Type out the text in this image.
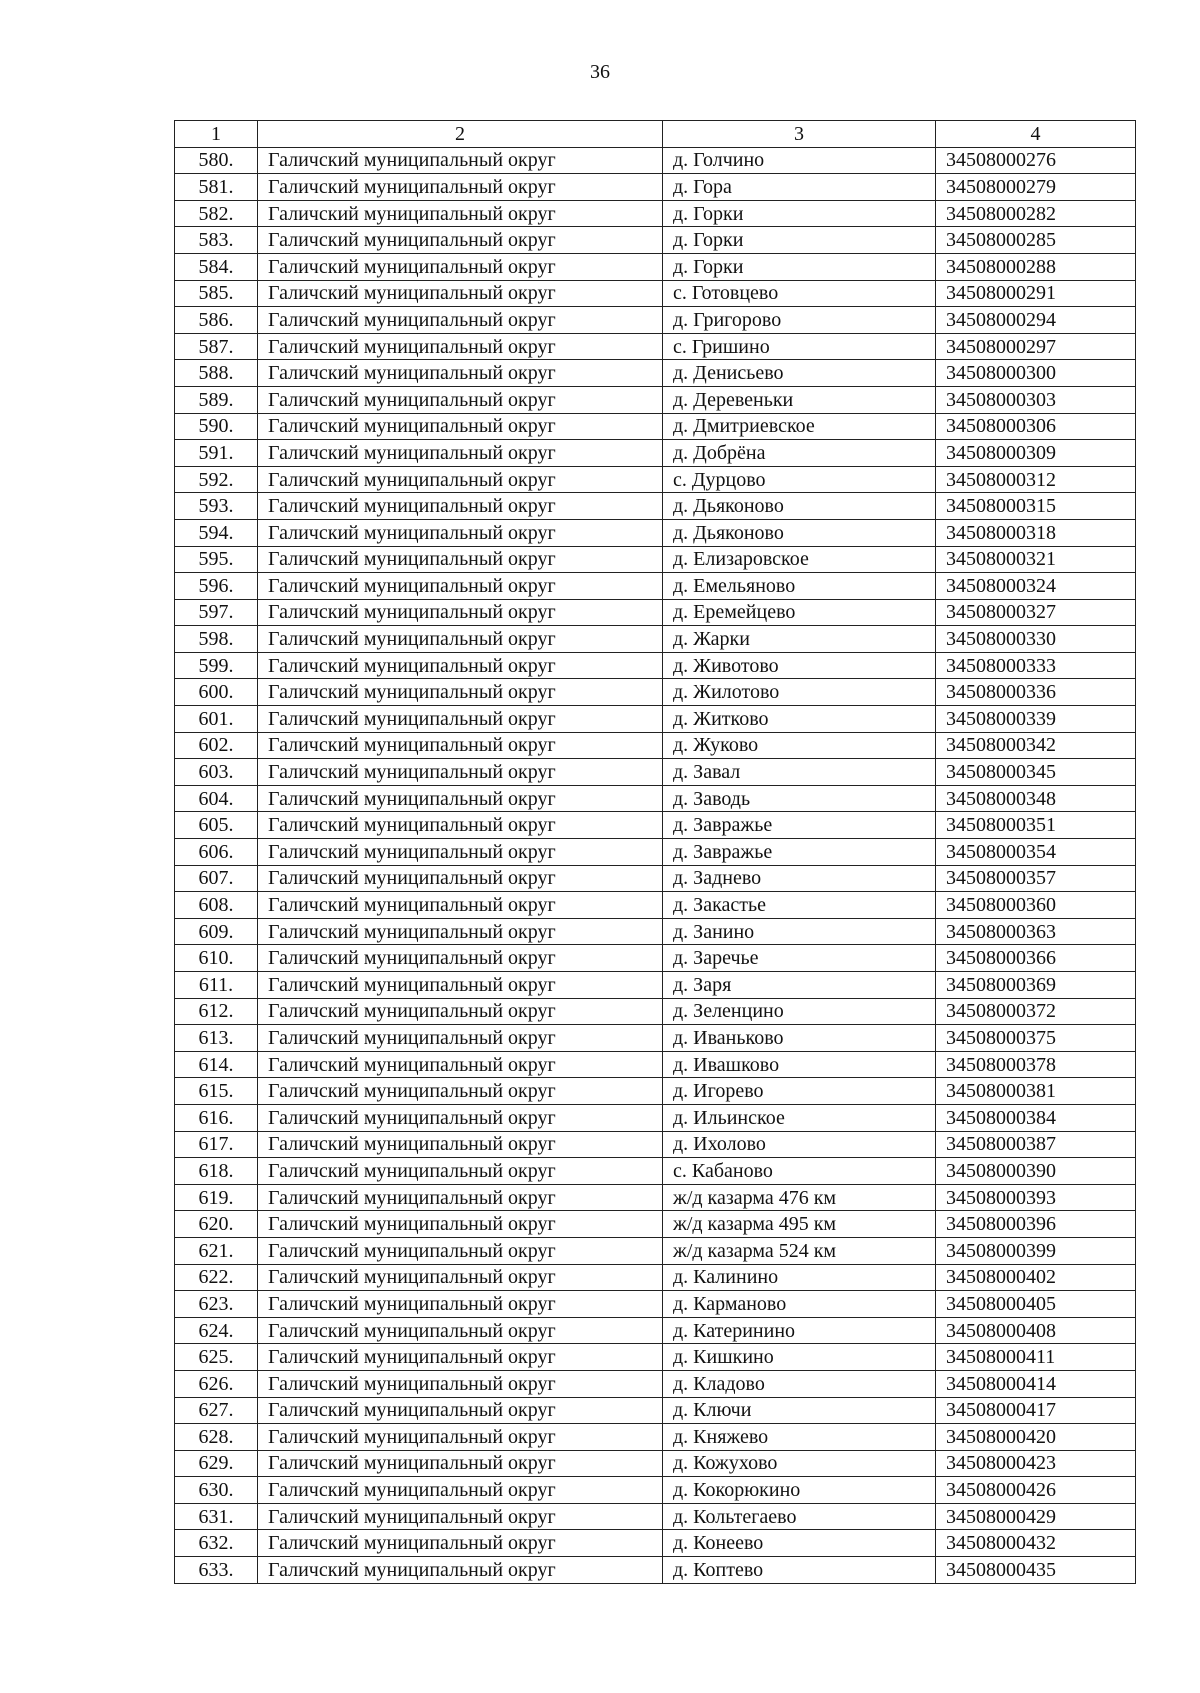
36
1	2	3	4
580.	Галичский муниципальный округ	д. Голчино	34508000276
581.	Галичский муниципальный округ	д. Гора	34508000279
582.	Галичский муниципальный округ	д. Горки	34508000282
583.	Галичский муниципальный округ	д. Горки	34508000285
584.	Галичский муниципальный округ	д. Горки	34508000288
585.	Галичский муниципальный округ	с. Готовцево	34508000291
586.	Галичский муниципальный округ	д. Григорово	34508000294
587.	Галичский муниципальный округ	с. Гришино	34508000297
588.	Галичский муниципальный округ	д. Денисьево	34508000300
589.	Галичский муниципальный округ	д. Деревеньки	34508000303
590.	Галичский муниципальный округ	д. Дмитриевское	34508000306
591.	Галичский муниципальный округ	д. Добрёна	34508000309
592.	Галичский муниципальный округ	с. Дурцово	34508000312
593.	Галичский муниципальный округ	д. Дьяконово	34508000315
594.	Галичский муниципальный округ	д. Дьяконово	34508000318
595.	Галичский муниципальный округ	д. Елизаровское	34508000321
596.	Галичский муниципальный округ	д. Емельяново	34508000324
597.	Галичский муниципальный округ	д. Еремейцево	34508000327
598.	Галичский муниципальный округ	д. Жарки	34508000330
599.	Галичский муниципальный округ	д. Животово	34508000333
600.	Галичский муниципальный округ	д. Жилотово	34508000336
601.	Галичский муниципальный округ	д. Житково	34508000339
602.	Галичский муниципальный округ	д. Жуково	34508000342
603.	Галичский муниципальный округ	д. Завал	34508000345
604.	Галичский муниципальный округ	д. Заводь	34508000348
605.	Галичский муниципальный округ	д. Завражье	34508000351
606.	Галичский муниципальный округ	д. Завражье	34508000354
607.	Галичский муниципальный округ	д. Заднево	34508000357
608.	Галичский муниципальный округ	д. Закастье	34508000360
609.	Галичский муниципальный округ	д. Занино	34508000363
610.	Галичский муниципальный округ	д. Заречье	34508000366
611.	Галичский муниципальный округ	д. Заря	34508000369
612.	Галичский муниципальный округ	д. Зеленцино	34508000372
613.	Галичский муниципальный округ	д. Иваньково	34508000375
614.	Галичский муниципальный округ	д. Ивашково	34508000378
615.	Галичский муниципальный округ	д. Игорево	34508000381
616.	Галичский муниципальный округ	д. Ильинское	34508000384
617.	Галичский муниципальный округ	д. Ихолово	34508000387
618.	Галичский муниципальный округ	с. Кабаново	34508000390
619.	Галичский муниципальный округ	ж/д казарма 476 км	34508000393
620.	Галичский муниципальный округ	ж/д казарма 495 км	34508000396
621.	Галичский муниципальный округ	ж/д казарма 524 км	34508000399
622.	Галичский муниципальный округ	д. Калинино	34508000402
623.	Галичский муниципальный округ	д. Карманово	34508000405
624.	Галичский муниципальный округ	д. Катеринино	34508000408
625.	Галичский муниципальный округ	д. Кишкино	34508000411
626.	Галичский муниципальный округ	д. Кладово	34508000414
627.	Галичский муниципальный округ	д. Ключи	34508000417
628.	Галичский муниципальный округ	д. Княжево	34508000420
629.	Галичский муниципальный округ	д. Кожухово	34508000423
630.	Галичский муниципальный округ	д. Кокорюкино	34508000426
631.	Галичский муниципальный округ	д. Кольтегаево	34508000429
632.	Галичский муниципальный округ	д. Конеево	34508000432
633.	Галичский муниципальный округ	д. Коптево	34508000435
